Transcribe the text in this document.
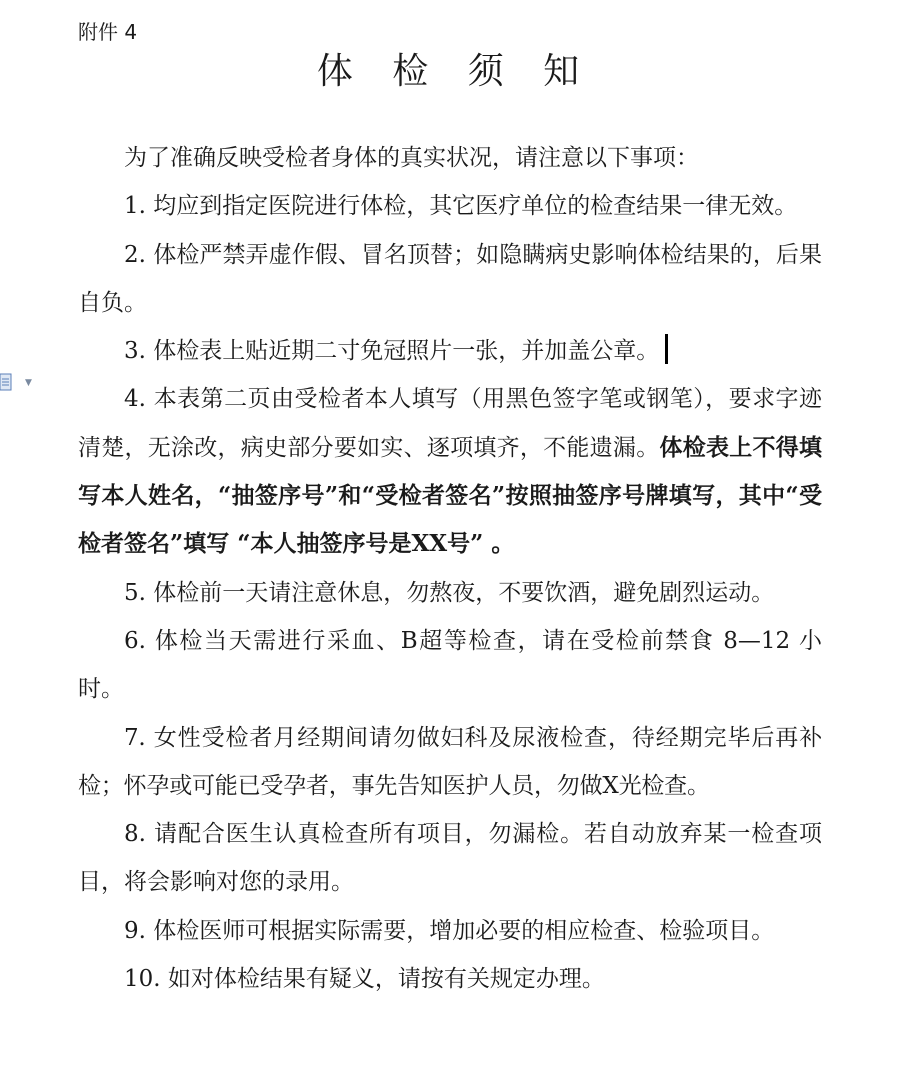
附件 4
体 检 须 知
▼

为了准确反映受检者身体的真实状况，请注意以下事项：

1. 均应到指定医院进行体检，其它医疗单位的检查结果一律无效。

2. 体检严禁弄虚作假、冒名顶替；如隐瞒病史影响体检结果的，后果自负。

3. 体检表上贴近期二寸免冠照片一张，并加盖公章。

4. 本表第二页由受检者本人填写（用黑色签字笔或钢笔），要求字迹清楚，无涂改，病史部分要如实、逐项填齐，不能遗漏。体检表上不得填写本人姓名，“抽签序号”和“受检者签名”按照抽签序号牌填写，其中“受检者签名”填写 “本人抽签序号是XX号” 。

5. 体检前一天请注意休息，勿熬夜，不要饮酒，避免剧烈运动。

6. 体检当天需进行采血、B超等检查，请在受检前禁食 8—12 小时。

7. 女性受检者月经期间请勿做妇科及尿液检查，待经期完毕后再补检；怀孕或可能已受孕者，事先告知医护人员，勿做X光检查。

8. 请配合医生认真检查所有项目，勿漏检。若自动放弃某一检查项目，将会影响对您的录用。

9. 体检医师可根据实际需要，增加必要的相应检查、检验项目。

10. 如对体检结果有疑义，请按有关规定办理。
